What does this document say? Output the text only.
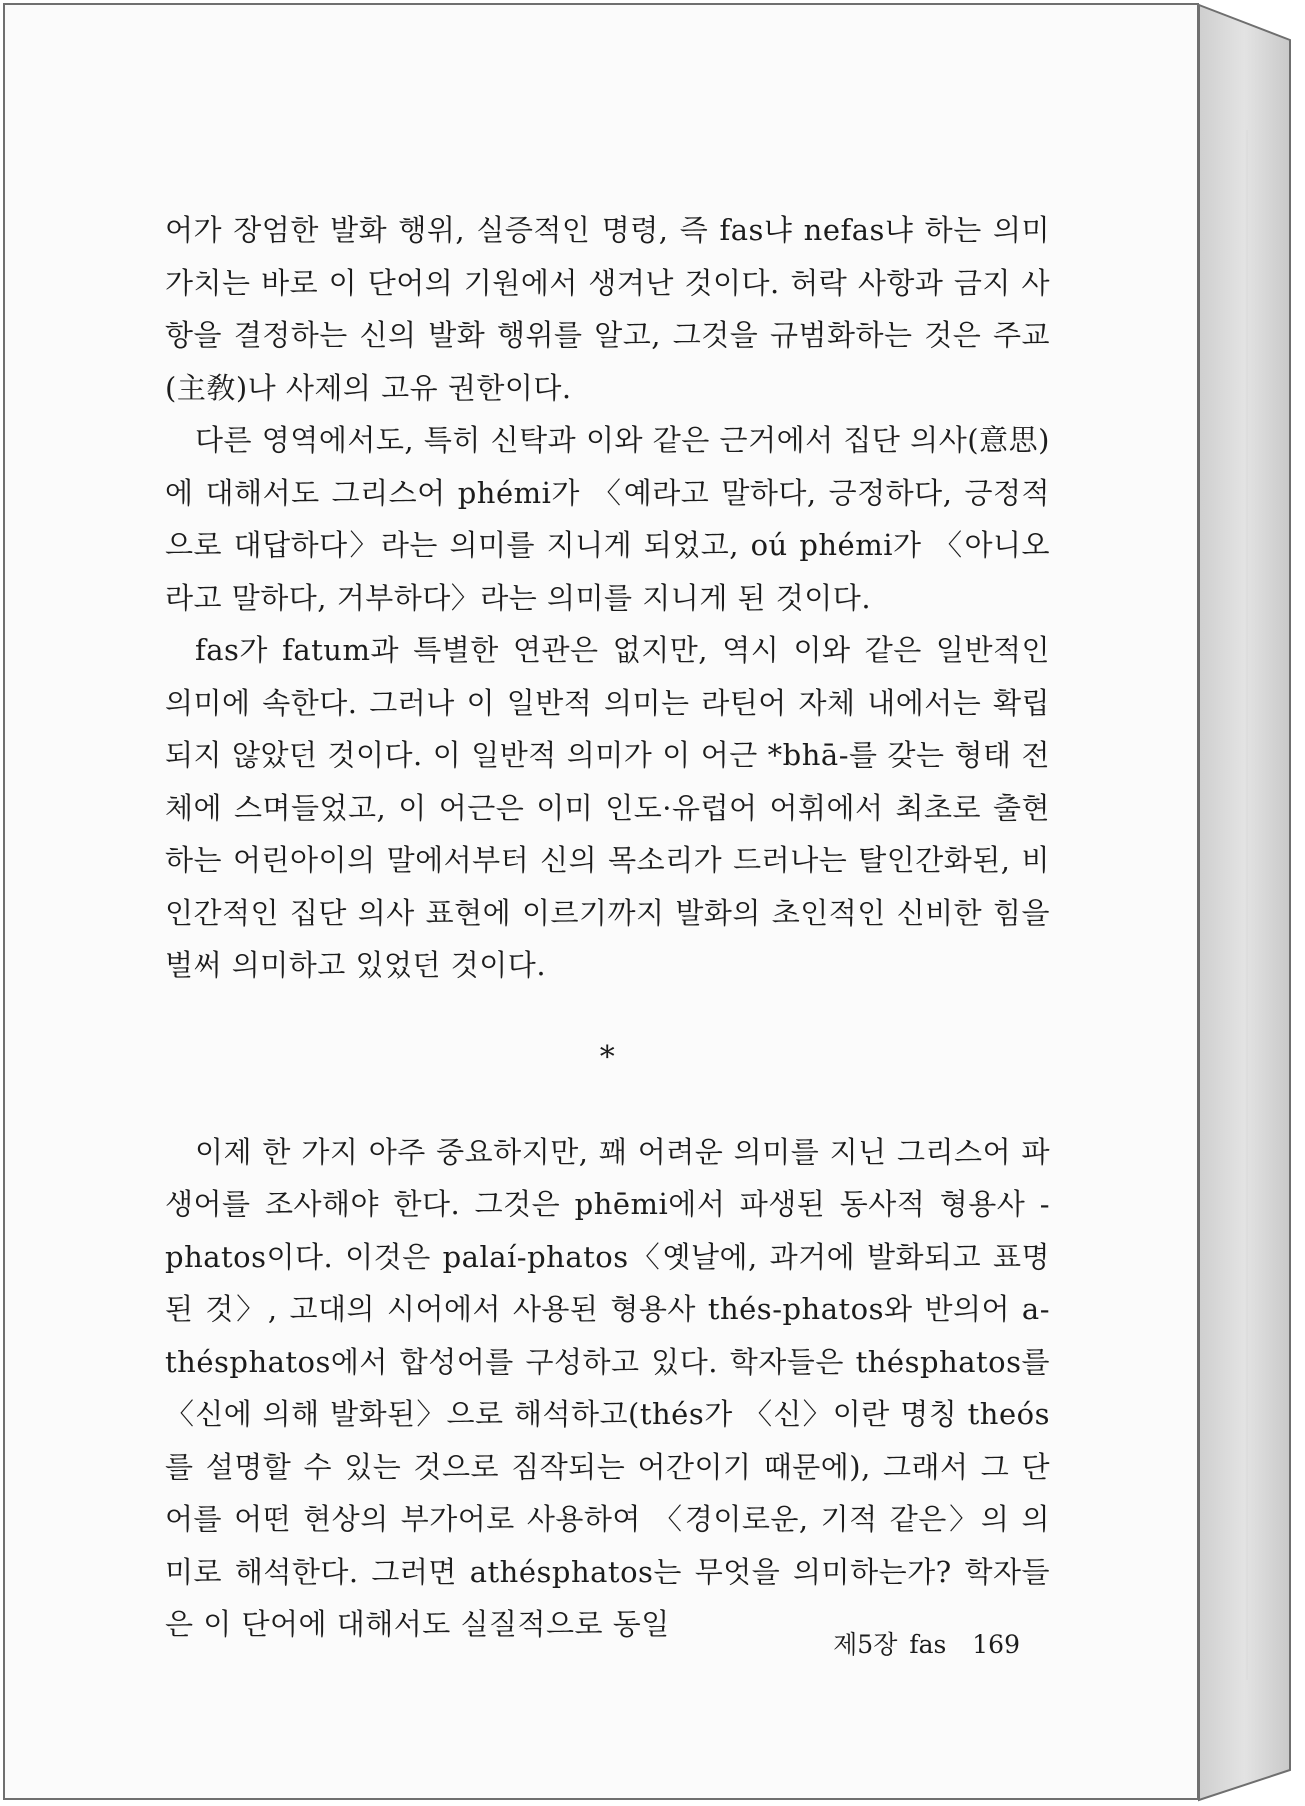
어가 장엄한 발화 행위, 실증적인 명령, 즉 fas냐 nefas냐 하는 의미 가치는 바로 이 단어의 기원에서 생겨난 것이다. 허락 사항과 금지 사항을 결정하는 신의 발화 행위를 알고, 그것을 규범화하는 것은 주교(主敎)나 사제의 고유 권한이다.

다른 영역에서도, 특히 신탁과 이와 같은 근거에서 집단 의사(意思)에 대해서도 그리스어 phémi가 〈예라고 말하다, 긍정하다, 긍정적으로 대답하다〉라는 의미를 지니게 되었고, oú phémi가 〈아니오라고 말하다, 거부하다〉라는 의미를 지니게 된 것이다.

fas가 fatum과 특별한 연관은 없지만, 역시 이와 같은 일반적인 의미에 속한다. 그러나 이 일반적 의미는 라틴어 자체 내에서는 확립되지 않았던 것이다. 이 일반적 의미가 이 어근 *bhā-를 갖는 형태 전체에 스며들었고, 이 어근은 이미 인도·유럽어 어휘에서 최초로 출현하는 어린아이의 말에서부터 신의 목소리가 드러나는 탈인간화된, 비인간적인 집단 의사 표현에 이르기까지 발화의 초인적인 신비한 힘을 벌써 의미하고 있었던 것이다.

*

이제 한 가지 아주 중요하지만, 꽤 어려운 의미를 지닌 그리스어 파생어를 조사해야 한다. 그것은 phēmi에서 파생된 동사적 형용사 -phatos이다. 이것은 palaí-phatos〈옛날에, 과거에 발화되고 표명된 것〉, 고대의 시어에서 사용된 형용사 thés-phatos와 반의어 a-thésphatos에서 합성어를 구성하고 있다. 학자들은 thésphatos를 〈신에 의해 발화된〉으로 해석하고(thés가 〈신〉이란 명칭 theós를 설명할 수 있는 것으로 짐작되는 어간이기 때문에), 그래서 그 단어를 어떤 현상의 부가어로 사용하여 〈경이로운, 기적 같은〉의 의미로 해석한다. 그러면 athésphatos는 무엇을 의미하는가? 학자들은 이 단어에 대해서도 실질적으로 동일

제5장 fas 169
